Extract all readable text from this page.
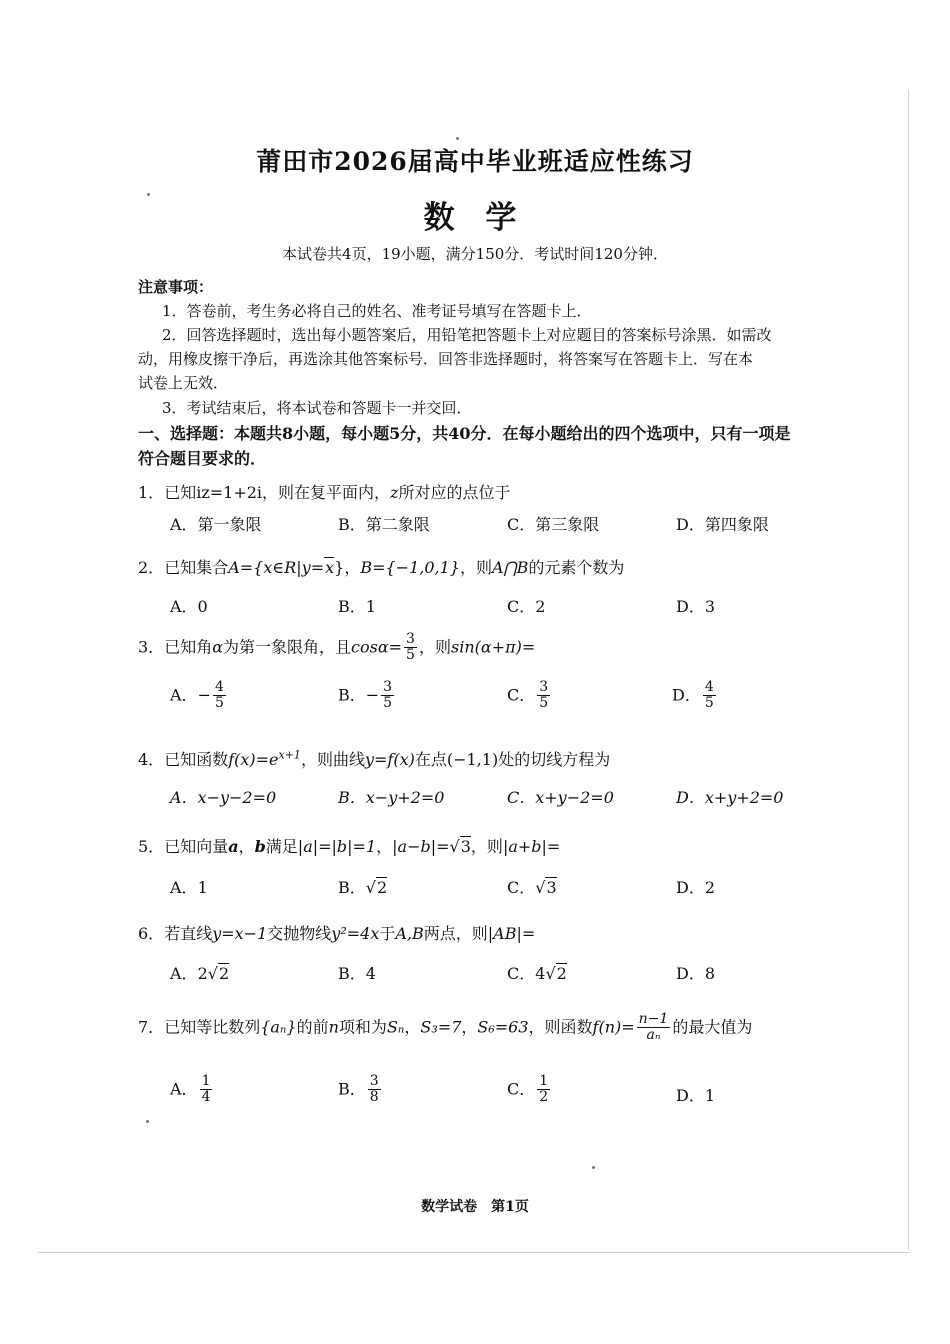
莆田市2026届高中毕业班适应性练习
数 学
本试卷共4页，19小题，满分150分．考试时间120分钟．
注意事项：
1．答卷前，考生务必将自己的姓名、准考证号填写在答题卡上．
2．回答选择题时，选出每小题答案后，用铅笔把答题卡上对应题目的答案标号涂黑．如需改
动，用橡皮擦干净后，再选涂其他答案标号．回答非选择题时，将答案写在答题卡上．写在本
试卷上无效．
3．考试结束后，将本试卷和答题卡一并交回．
一、选择题：本题共8小题，每小题5分，共40分．在每小题给出的四个选项中，只有一项是
符合题目要求的．
1．已知iz=1+2i，则在复平面内，z所对应的点位于
A．第一象限	B．第二象限	C．第三象限	D．第四象限
2．已知集合A={x∈R|y=x}，B={−1,0,1}，则A⋂B的元素个数为
A．0	B．1	C．2	D．3
3．已知角α为第一象限角，且$\cos\alpha= \frac{3}{5}$ ，则sin(α+π)=
A．− $\frac{4}{5}$	B．− $\frac{3}{5}$	C． $\frac{3}{5}$	D． $\frac{4}{5}$
4．已知函数$f(x)=e^{x+1}$，则曲线y=f(x)在点(−1,1)处的切线方程为
A．x−y−2=0	B．x−y+2=0	C．x+y−2=0	D．x+y+2=0
5．已知向量a，b满足|a|=|b|=1，|a−b|=√3，则|a+b|=
A．1	B．√2	C．√3	D．2
6．若直线y=x−1交抛物线y²=4x于A,B两点，则|AB|=
A．2√2	B．4	C．4√2	D．8
7．已知等比数列{aₙ}的前n项和为Sₙ，S₃=7，S₆=63，则函数$f(n)= \frac{n-1}{\text{aₙ}}$ 的最大值为
A． $\frac{1}{4}$	B． $\frac{3}{8}$	C． $\frac{1}{2}$	D．1
数学试卷　第1页
